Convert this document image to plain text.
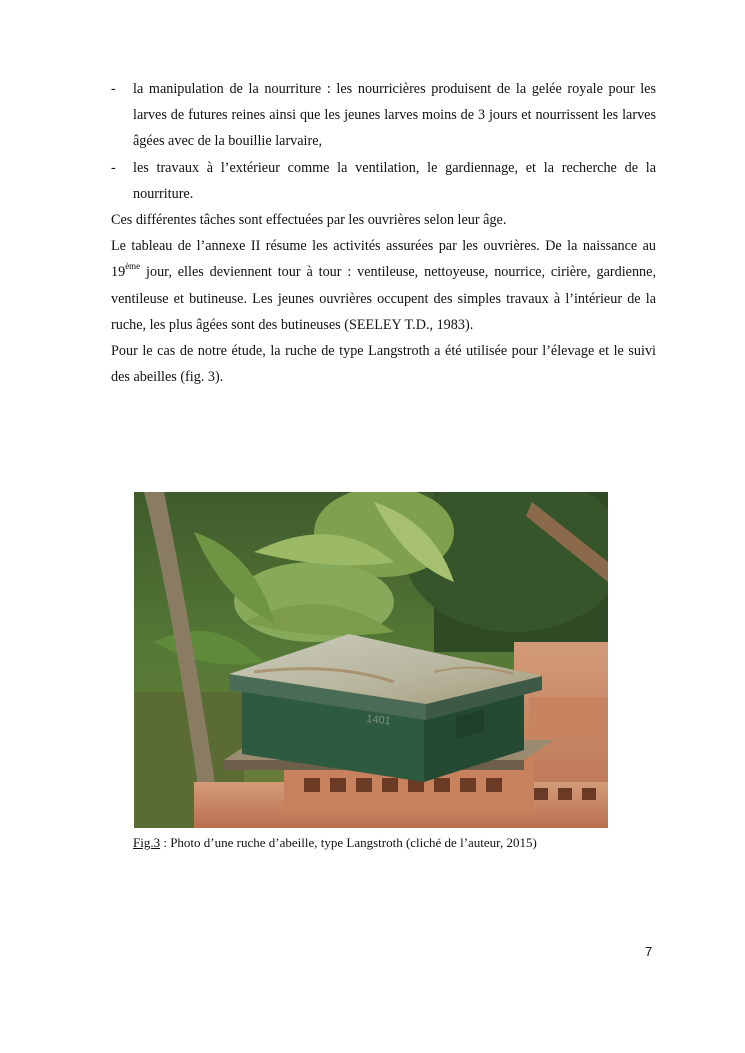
- la manipulation de la nourriture : les nourricières produisent de la gelée royale pour les larves de futures reines ainsi que les jeunes larves moins de 3 jours et nourrissent les larves âgées avec de la bouillie larvaire,

- les travaux à l’extérieur comme la ventilation, le gardiennage, et la recherche de la nourriture.

Ces différentes tâches sont effectuées par les ouvrières selon leur âge.

Le tableau de l’annexe II résume les activités assurées par les ouvrières. De la naissance au 19ème jour, elles deviennent tour à tour : ventileuse, nettoyeuse, nourrice, cirière, gardienne, ventileuse et butineuse. Les jeunes ouvrières occupent des simples travaux à l’intérieur de la ruche, les plus âgées sont des butineuses (SEELEY T.D., 1983).

Pour le cas de notre étude, la ruche de type Langstroth a été utilisée pour l’élevage et le suivi des abeilles (fig. 3).

1401
Fig.3 : Photo d’une ruche d’abeille, type Langstroth (cliché de l’auteur, 2015)
7
